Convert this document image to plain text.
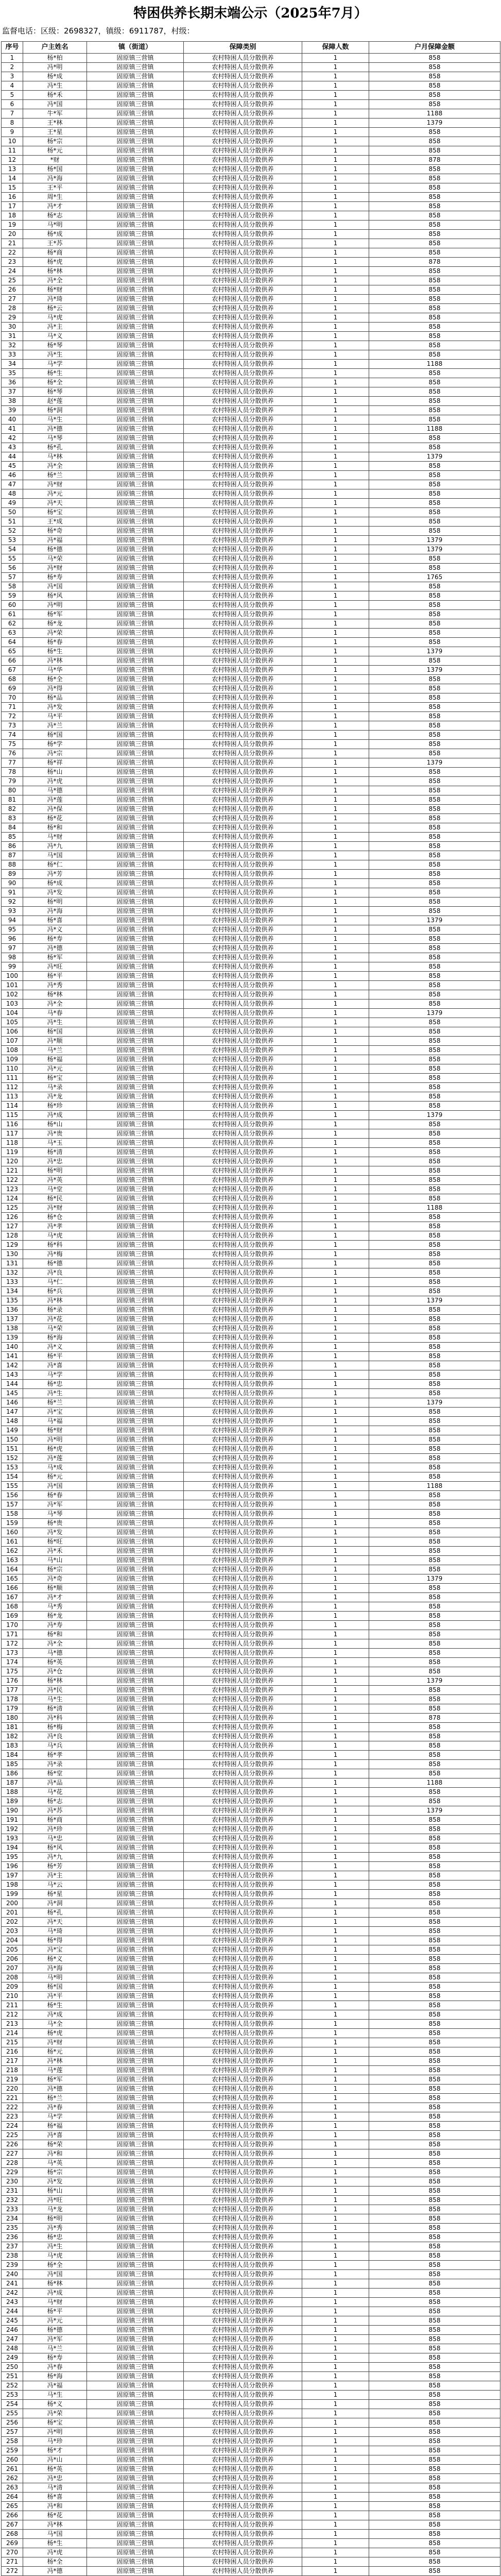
特困供养长期末端公示（2025年7月）
监督电话：区级：2698327，镇级：6911787，村级：
序号	户主姓名	镇（街道）	保障类别	保障人数	户月保障金额
1	杨*柏	固原镇三营镇	农村特困人员分散供养	1	858
2	冯*明	固原镇三营镇	农村特困人员分散供养	1	858
3	杨*成	固原镇三营镇	农村特困人员分散供养	1	858
4	冯*生	固原镇三营镇	农村特困人员分散供养	1	858
5	杨*禾	固原镇三营镇	农村特困人员分散供养	1	858
6	冯*国	固原镇三营镇	农村特困人员分散供养	1	858
7	牛*军	固原镇三营镇	农村特困人员分散供养	1	1188
8	王*林	固原镇三营镇	农村特困人员分散供养	1	1379
9	王*星	固原镇三营镇	农村特困人员分散供养	1	858
10	杨*宗	固原镇三营镇	农村特困人员分散供养	1	858
11	杨*元	固原镇三营镇	农村特困人员分散供养	1	858
12	*财	固原镇三营镇	农村特困人员分散供养	1	878
13	杨*国	固原镇三营镇	农村特困人员分散供养	1	858
14	冯*海	固原镇三营镇	农村特困人员分散供养	1	858
15	王*平	固原镇三营镇	农村特困人员分散供养	1	858
16	周*生	固原镇三营镇	农村特困人员分散供养	1	858
17	冯*才	固原镇三营镇	农村特困人员分散供养	1	858
18	杨*志	固原镇三营镇	农村特困人员分散供养	1	858
19	马*明	固原镇三营镇	农村特困人员分散供养	1	858
20	杨*成	固原镇三营镇	农村特困人员分散供养	1	858
21	王*苏	固原镇三营镇	农村特困人员分散供养	1	858
22	杨*商	固原镇三营镇	农村特困人员分散供养	1	858
23	杨*虎	固原镇三营镇	农村特困人员分散供养	1	878
24	杨*林	固原镇三营镇	农村特困人员分散供养	1	858
25	冯*全	固原镇三营镇	农村特困人员分散供养	1	858
26	杨*财	固原镇三营镇	农村特困人员分散供养	1	858
27	冯*琦	固原镇三营镇	农村特困人员分散供养	1	858
28	杨*云	固原镇三营镇	农村特困人员分散供养	1	858
29	马*虎	固原镇三营镇	农村特困人员分散供养	1	858
30	冯*主	固原镇三营镇	农村特困人员分散供养	1	858
31	马*义	固原镇三营镇	农村特困人员分散供养	1	858
32	杨*琴	固原镇三营镇	农村特困人员分散供养	1	858
33	冯*生	固原镇三营镇	农村特困人员分散供养	1	858
34	马*学	固原镇三营镇	农村特困人员分散供养	1	1188
35	杨*生	固原镇三营镇	农村特困人员分散供养	1	858
36	杨*全	固原镇三营镇	农村特困人员分散供养	1	858
37	杨*琴	固原镇三营镇	农村特困人员分散供养	1	858
38	赵*莲	固原镇三营镇	农村特困人员分散供养	1	858
39	杨*洞	固原镇三营镇	农村特困人员分散供养	1	858
40	马*生	固原镇三营镇	农村特困人员分散供养	1	858
41	冯*德	固原镇三营镇	农村特困人员分散供养	1	1188
42	马*琴	固原镇三营镇	农村特困人员分散供养	1	858
43	杨*孔	固原镇三营镇	农村特困人员分散供养	1	858
44	马*林	固原镇三营镇	农村特困人员分散供养	1	1379
45	冯*全	固原镇三营镇	农村特困人员分散供养	1	858
46	杨*兰	固原镇三营镇	农村特困人员分散供养	1	858
47	冯*财	固原镇三营镇	农村特困人员分散供养	1	858
48	冯*元	固原镇三营镇	农村特困人员分散供养	1	858
49	冯*天	固原镇三营镇	农村特困人员分散供养	1	858
50	杨*宝	固原镇三营镇	农村特困人员分散供养	1	858
51	王*成	固原镇三营镇	农村特困人员分散供养	1	858
52	杨*奇	固原镇三营镇	农村特困人员分散供养	1	858
53	冯*福	固原镇三营镇	农村特困人员分散供养	1	1379
54	杨*德	固原镇三营镇	农村特困人员分散供养	1	1379
55	马*荣	固原镇三营镇	农村特困人员分散供养	1	858
56	冯*财	固原镇三营镇	农村特困人员分散供养	1	858
57	杨*寿	固原镇三营镇	农村特困人员分散供养	1	1765
58	冯*国	固原镇三营镇	农村特困人员分散供养	1	858
59	杨*风	固原镇三营镇	农村特困人员分散供养	1	858
60	冯*明	固原镇三营镇	农村特困人员分散供养	1	858
61	杨*军	固原镇三营镇	农村特困人员分散供养	1	858
62	杨*龙	固原镇三营镇	农村特困人员分散供养	1	858
63	冯*荣	固原镇三营镇	农村特困人员分散供养	1	858
64	杨*春	固原镇三营镇	农村特困人员分散供养	1	858
65	杨*生	固原镇三营镇	农村特困人员分散供养	1	1379
66	冯*林	固原镇三营镇	农村特困人员分散供养	1	858
67	马*华	固原镇三营镇	农村特困人员分散供养	1	1379
68	杨*全	固原镇三营镇	农村特困人员分散供养	1	858
69	冯*得	固原镇三营镇	农村特困人员分散供养	1	858
70	杨*品	固原镇三营镇	农村特困人员分散供养	1	858
71	冯*发	固原镇三营镇	农村特困人员分散供养	1	858
72	马*平	固原镇三营镇	农村特困人员分散供养	1	858
73	冯*兰	固原镇三营镇	农村特困人员分散供养	1	858
74	杨*国	固原镇三营镇	农村特困人员分散供养	1	858
75	杨*学	固原镇三营镇	农村特困人员分散供养	1	858
76	冯*宗	固原镇三营镇	农村特困人员分散供养	1	858
77	杨*祥	固原镇三营镇	农村特困人员分散供养	1	1379
78	杨*山	固原镇三营镇	农村特困人员分散供养	1	858
79	冯*虎	固原镇三营镇	农村特困人员分散供养	1	858
80	马*德	固原镇三营镇	农村特困人员分散供养	1	858
81	冯*莲	固原镇三营镇	农村特困人员分散供养	1	858
82	冯*保	固原镇三营镇	农村特困人员分散供养	1	858
83	杨*花	固原镇三营镇	农村特困人员分散供养	1	858
84	杨*和	固原镇三营镇	农村特困人员分散供养	1	858
85	马*财	固原镇三营镇	农村特困人员分散供养	1	858
86	冯*九	固原镇三营镇	农村特困人员分散供养	1	858
87	马*国	固原镇三营镇	农村特困人员分散供养	1	858
88	杨*仁	固原镇三营镇	农村特困人员分散供养	1	858
89	冯*芳	固原镇三营镇	农村特困人员分散供养	1	858
90	杨*成	固原镇三营镇	农村特困人员分散供养	1	858
91	冯*发	固原镇三营镇	农村特困人员分散供养	1	858
92	杨*明	固原镇三营镇	农村特困人员分散供养	1	858
93	冯*海	固原镇三营镇	农村特困人员分散供养	1	858
94	杨*喜	固原镇三营镇	农村特困人员分散供养	1	1379
95	冯*义	固原镇三营镇	农村特困人员分散供养	1	858
96	杨*寿	固原镇三营镇	农村特困人员分散供养	1	858
97	冯*德	固原镇三营镇	农村特困人员分散供养	1	858
98	杨*军	固原镇三营镇	农村特困人员分散供养	1	858
99	冯*旺	固原镇三营镇	农村特困人员分散供养	1	858
100	杨*平	固原镇三营镇	农村特困人员分散供养	1	858
101	冯*秀	固原镇三营镇	农村特困人员分散供养	1	858
102	杨*林	固原镇三营镇	农村特困人员分散供养	1	858
103	冯*全	固原镇三营镇	农村特困人员分散供养	1	858
104	马*春	固原镇三营镇	农村特困人员分散供养	1	1379
105	冯*生	固原镇三营镇	农村特困人员分散供养	1	858
106	杨*国	固原镇三营镇	农村特困人员分散供养	1	858
107	冯*顺	固原镇三营镇	农村特困人员分散供养	1	858
108	马*兰	固原镇三营镇	农村特困人员分散供养	1	858
109	杨*福	固原镇三营镇	农村特困人员分散供养	1	858
110	冯*元	固原镇三营镇	农村特困人员分散供养	1	858
111	杨*宝	固原镇三营镇	农村特困人员分散供养	1	858
112	马*录	固原镇三营镇	农村特困人员分散供养	1	858
113	冯*龙	固原镇三营镇	农村特困人员分散供养	1	858
114	杨*珍	固原镇三营镇	农村特困人员分散供养	1	858
115	冯*成	固原镇三营镇	农村特困人员分散供养	1	1379
116	杨*山	固原镇三营镇	农村特困人员分散供养	1	858
117	冯*贵	固原镇三营镇	农村特困人员分散供养	1	858
118	马*玉	固原镇三营镇	农村特困人员分散供养	1	858
119	杨*清	固原镇三营镇	农村特困人员分散供养	1	858
120	冯*忠	固原镇三营镇	农村特困人员分散供养	1	858
121	杨*明	固原镇三营镇	农村特困人员分散供养	1	858
122	冯*英	固原镇三营镇	农村特困人员分散供养	1	858
123	马*堂	固原镇三营镇	农村特困人员分散供养	1	858
124	杨*民	固原镇三营镇	农村特困人员分散供养	1	858
125	冯*财	固原镇三营镇	农村特困人员分散供养	1	1188
126	杨*仓	固原镇三营镇	农村特困人员分散供养	1	858
127	冯*孝	固原镇三营镇	农村特困人员分散供养	1	858
128	马*虎	固原镇三营镇	农村特困人员分散供养	1	858
129	杨*科	固原镇三营镇	农村特困人员分散供养	1	858
130	冯*梅	固原镇三营镇	农村特困人员分散供养	1	858
131	杨*德	固原镇三营镇	农村特困人员分散供养	1	858
132	冯*良	固原镇三营镇	农村特困人员分散供养	1	858
133	马*仁	固原镇三营镇	农村特困人员分散供养	1	858
134	杨*兵	固原镇三营镇	农村特困人员分散供养	1	858
135	冯*林	固原镇三营镇	农村特困人员分散供养	1	1379
136	杨*录	固原镇三营镇	农村特困人员分散供养	1	858
137	冯*花	固原镇三营镇	农村特困人员分散供养	1	858
138	马*荣	固原镇三营镇	农村特困人员分散供养	1	858
139	杨*海	固原镇三营镇	农村特困人员分散供养	1	858
140	冯*义	固原镇三营镇	农村特困人员分散供养	1	858
141	杨*平	固原镇三营镇	农村特困人员分散供养	1	858
142	冯*喜	固原镇三营镇	农村特困人员分散供养	1	858
143	马*学	固原镇三营镇	农村特困人员分散供养	1	858
144	杨*忠	固原镇三营镇	农村特困人员分散供养	1	858
145	冯*生	固原镇三营镇	农村特困人员分散供养	1	858
146	杨*兰	固原镇三营镇	农村特困人员分散供养	1	1379
147	冯*宝	固原镇三营镇	农村特困人员分散供养	1	858
148	马*福	固原镇三营镇	农村特困人员分散供养	1	858
149	杨*财	固原镇三营镇	农村特困人员分散供养	1	858
150	冯*明	固原镇三营镇	农村特困人员分散供养	1	858
151	杨*虎	固原镇三营镇	农村特困人员分散供养	1	858
152	冯*莲	固原镇三营镇	农村特困人员分散供养	1	858
153	马*成	固原镇三营镇	农村特困人员分散供养	1	858
154	杨*元	固原镇三营镇	农村特困人员分散供养	1	858
155	冯*国	固原镇三营镇	农村特困人员分散供养	1	1188
156	杨*春	固原镇三营镇	农村特困人员分散供养	1	858
157	冯*军	固原镇三营镇	农村特困人员分散供养	1	858
158	马*琴	固原镇三营镇	农村特困人员分散供养	1	858
159	杨*贵	固原镇三营镇	农村特困人员分散供养	1	858
160	冯*发	固原镇三营镇	农村特困人员分散供养	1	858
161	杨*旺	固原镇三营镇	农村特困人员分散供养	1	858
162	冯*禾	固原镇三营镇	农村特困人员分散供养	1	858
163	马*山	固原镇三营镇	农村特困人员分散供养	1	858
164	杨*宗	固原镇三营镇	农村特困人员分散供养	1	858
165	冯*奇	固原镇三营镇	农村特困人员分散供养	1	1379
166	杨*顺	固原镇三营镇	农村特困人员分散供养	1	858
167	冯*才	固原镇三营镇	农村特困人员分散供养	1	858
168	马*秀	固原镇三营镇	农村特困人员分散供养	1	858
169	杨*龙	固原镇三营镇	农村特困人员分散供养	1	858
170	冯*寿	固原镇三营镇	农村特困人员分散供养	1	858
171	杨*和	固原镇三营镇	农村特困人员分散供养	1	858
172	冯*全	固原镇三营镇	农村特困人员分散供养	1	858
173	马*德	固原镇三营镇	农村特困人员分散供养	1	858
174	杨*英	固原镇三营镇	农村特困人员分散供养	1	858
175	冯*仓	固原镇三营镇	农村特困人员分散供养	1	858
176	杨*林	固原镇三营镇	农村特困人员分散供养	1	1379
177	冯*民	固原镇三营镇	农村特困人员分散供养	1	858
178	马*生	固原镇三营镇	农村特困人员分散供养	1	858
179	杨*清	固原镇三营镇	农村特困人员分散供养	1	858
180	冯*科	固原镇三营镇	农村特困人员分散供养	1	878
181	杨*梅	固原镇三营镇	农村特困人员分散供养	1	858
182	冯*良	固原镇三营镇	农村特困人员分散供养	1	858
183	马*兵	固原镇三营镇	农村特困人员分散供养	1	858
184	杨*孝	固原镇三营镇	农村特困人员分散供养	1	858
185	冯*录	固原镇三营镇	农村特困人员分散供养	1	858
186	杨*堂	固原镇三营镇	农村特困人员分散供养	1	858
187	冯*品	固原镇三营镇	农村特困人员分散供养	1	1188
188	马*花	固原镇三营镇	农村特困人员分散供养	1	858
189	杨*志	固原镇三营镇	农村特困人员分散供养	1	858
190	冯*苏	固原镇三营镇	农村特困人员分散供养	1	1379
191	杨*商	固原镇三营镇	农村特困人员分散供养	1	858
192	冯*珍	固原镇三营镇	农村特困人员分散供养	1	858
193	马*忠	固原镇三营镇	农村特困人员分散供养	1	858
194	杨*风	固原镇三营镇	农村特困人员分散供养	1	858
195	冯*九	固原镇三营镇	农村特困人员分散供养	1	858
196	杨*芳	固原镇三营镇	农村特困人员分散供养	1	858
197	冯*主	固原镇三营镇	农村特困人员分散供养	1	858
198	马*云	固原镇三营镇	农村特困人员分散供养	1	858
199	杨*星	固原镇三营镇	农村特困人员分散供养	1	858
200	冯*洞	固原镇三营镇	农村特困人员分散供养	1	858
201	杨*孔	固原镇三营镇	农村特困人员分散供养	1	858
202	冯*天	固原镇三营镇	农村特困人员分散供养	1	858
203	马*琦	固原镇三营镇	农村特困人员分散供养	1	858
204	杨*得	固原镇三营镇	农村特困人员分散供养	1	858
205	冯*宝	固原镇三营镇	农村特困人员分散供养	1	858
206	杨*义	固原镇三营镇	农村特困人员分散供养	1	858
207	冯*海	固原镇三营镇	农村特困人员分散供养	1	858
208	马*明	固原镇三营镇	农村特困人员分散供养	1	858
209	杨*国	固原镇三营镇	农村特困人员分散供养	1	858
210	冯*平	固原镇三营镇	农村特困人员分散供养	1	858
211	杨*生	固原镇三营镇	农村特困人员分散供养	1	858
212	冯*成	固原镇三营镇	农村特困人员分散供养	1	858
213	马*全	固原镇三营镇	农村特困人员分散供养	1	858
214	杨*虎	固原镇三营镇	农村特困人员分散供养	1	858
215	冯*财	固原镇三营镇	农村特困人员分散供养	1	858
216	杨*元	固原镇三营镇	农村特困人员分散供养	1	858
217	冯*林	固原镇三营镇	农村特困人员分散供养	1	858
218	马*莲	固原镇三营镇	农村特困人员分散供养	1	858
219	杨*军	固原镇三营镇	农村特困人员分散供养	1	858
220	冯*德	固原镇三营镇	农村特困人员分散供养	1	858
221	杨*兰	固原镇三营镇	农村特困人员分散供养	1	858
222	冯*春	固原镇三营镇	农村特困人员分散供养	1	858
223	马*学	固原镇三营镇	农村特困人员分散供养	1	858
224	杨*福	固原镇三营镇	农村特困人员分散供养	1	858
225	冯*喜	固原镇三营镇	农村特困人员分散供养	1	858
226	杨*荣	固原镇三营镇	农村特困人员分散供养	1	858
227	冯*和	固原镇三营镇	农村特困人员分散供养	1	858
228	马*英	固原镇三营镇	农村特困人员分散供养	1	858
229	杨*宗	固原镇三营镇	农村特困人员分散供养	1	858
230	冯*发	固原镇三营镇	农村特困人员分散供养	1	858
231	杨*山	固原镇三营镇	农村特困人员分散供养	1	858
232	冯*旺	固原镇三营镇	农村特困人员分散供养	1	858
233	马*龙	固原镇三营镇	农村特困人员分散供养	1	858
234	杨*明	固原镇三营镇	农村特困人员分散供养	1	858
235	冯*秀	固原镇三营镇	农村特困人员分散供养	1	858
236	杨*忠	固原镇三营镇	农村特困人员分散供养	1	858
237	冯*生	固原镇三营镇	农村特困人员分散供养	1	858
238	马*虎	固原镇三营镇	农村特困人员分散供养	1	858
239	杨*全	固原镇三营镇	农村特困人员分散供养	1	858
240	冯*国	固原镇三营镇	农村特困人员分散供养	1	858
241	杨*林	固原镇三营镇	农村特困人员分散供养	1	858
242	冯*成	固原镇三营镇	农村特困人员分散供养	1	858
243	马*财	固原镇三营镇	农村特困人员分散供养	1	858
244	杨*平	固原镇三营镇	农村特困人员分散供养	1	858
245	冯*元	固原镇三营镇	农村特困人员分散供养	1	858
246	杨*德	固原镇三营镇	农村特困人员分散供养	1	858
247	冯*军	固原镇三营镇	农村特困人员分散供养	1	858
248	马*兰	固原镇三营镇	农村特困人员分散供养	1	858
249	杨*寿	固原镇三营镇	农村特困人员分散供养	1	858
250	冯*春	固原镇三营镇	农村特困人员分散供养	1	858
251	杨*海	固原镇三营镇	农村特困人员分散供养	1	858
252	冯*福	固原镇三营镇	农村特困人员分散供养	1	858
253	马*生	固原镇三营镇	农村特困人员分散供养	1	858
254	杨*义	固原镇三营镇	农村特困人员分散供养	1	858
255	冯*荣	固原镇三营镇	农村特困人员分散供养	1	858
256	杨*宝	固原镇三营镇	农村特困人员分散供养	1	858
257	冯*明	固原镇三营镇	农村特困人员分散供养	1	858
258	马*珍	固原镇三营镇	农村特困人员分散供养	1	858
259	杨*才	固原镇三营镇	农村特困人员分散供养	1	858
260	冯*山	固原镇三营镇	农村特困人员分散供养	1	858
261	杨*英	固原镇三营镇	农村特困人员分散供养	1	858
262	冯*忠	固原镇三营镇	农村特困人员分散供养	1	858
263	马*清	固原镇三营镇	农村特困人员分散供养	1	858
264	杨*喜	固原镇三营镇	农村特困人员分散供养	1	858
265	冯*和	固原镇三营镇	农村特困人员分散供养	1	858
266	杨*花	固原镇三营镇	农村特困人员分散供养	1	858
267	冯*林	固原镇三营镇	农村特困人员分散供养	1	858
268	马*国	固原镇三营镇	农村特困人员分散供养	1	858
269	杨*生	固原镇三营镇	农村特困人员分散供养	1	858
270	冯*虎	固原镇三营镇	农村特困人员分散供养	1	858
271	杨*全	固原镇三营镇	农村特困人员分散供养	1	858
272	冯*德	固原镇三营镇	农村特困人员分散供养	1	858
